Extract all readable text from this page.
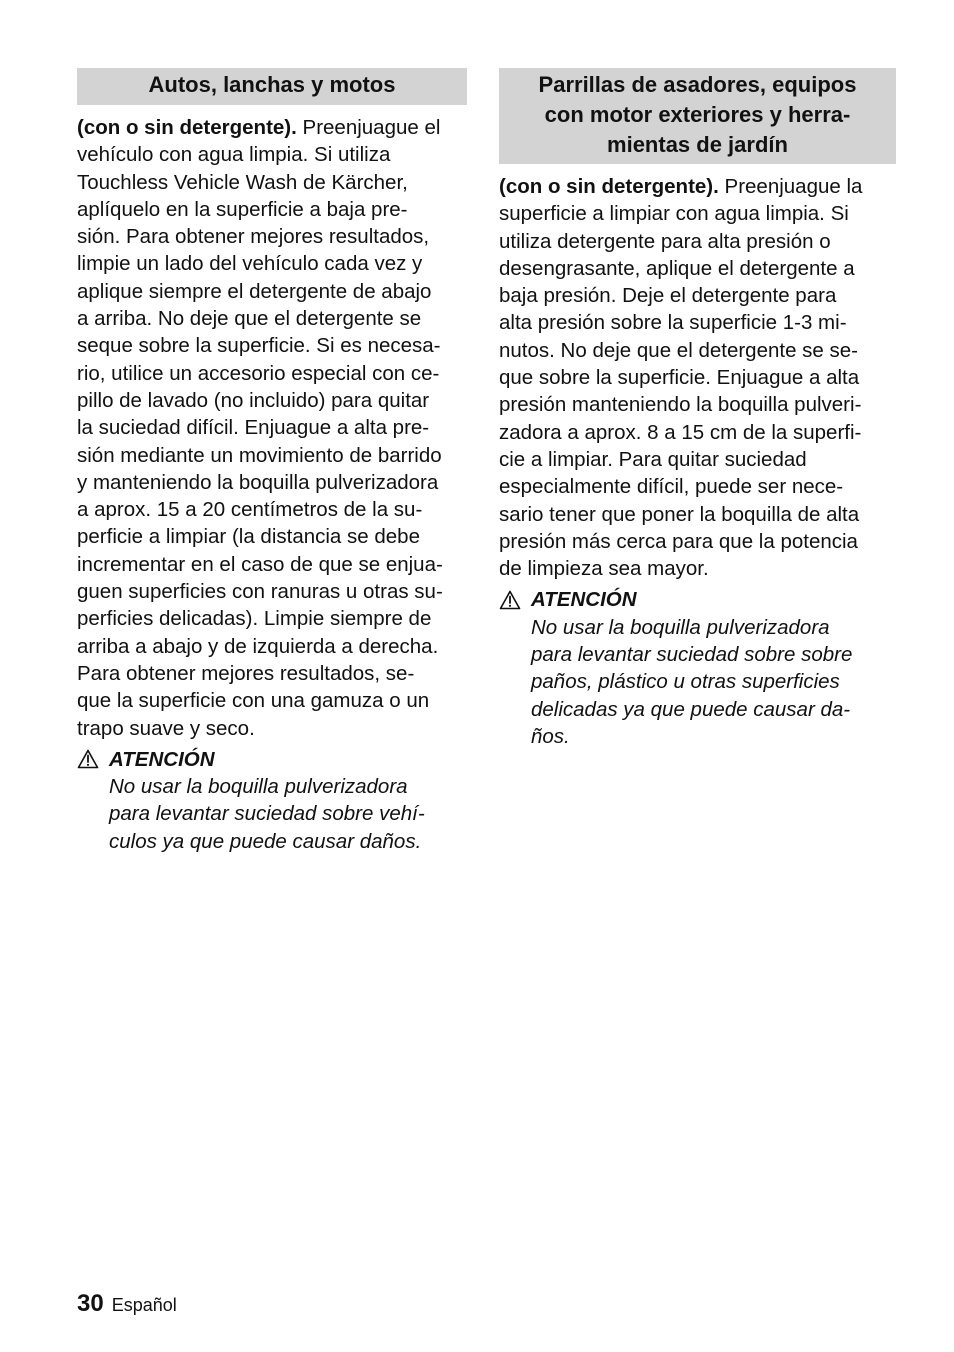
Autos, lanchas y motos
(con o sin detergente). Preenjuague el
vehículo con agua limpia. Si utiliza
Touchless Vehicle Wash de Kärcher,
aplíquelo en la superficie a baja pre-
sión. Para obtener mejores resultados,
limpie un lado del vehículo cada vez y
aplique siempre el detergente de abajo
a arriba. No deje que el detergente se
seque sobre la superficie. Si es necesa-
rio, utilice un accesorio especial con ce-
pillo de lavado (no incluido) para quitar
la suciedad difícil. Enjuague a alta pre-
sión mediante un movimiento de barrido
y manteniendo la boquilla pulverizadora
a aprox. 15 a 20 centímetros de la su-
perficie a limpiar (la distancia se debe
incrementar en el caso de que se enjua-
guen superficies con ranuras u otras su-
perficies delicadas). Limpie siempre de
arriba a abajo y de izquierda a derecha.
Para obtener mejores resultados, se-
que la superficie con una gamuza o un
trapo suave y seco.
ATENCIÓN
No usar la boquilla pulverizadora
para levantar suciedad sobre vehí-
culos ya que puede causar daños.
Parrillas de asadores, equipos
con motor exteriores y herra-
mientas de jardín
(con o sin detergente). Preenjuague la
superficie a limpiar con agua limpia. Si
utiliza detergente para alta presión o
desengrasante, aplique el detergente a
baja presión. Deje el detergente para
alta presión sobre la superficie 1-3 mi-
nutos. No deje que el detergente se se-
que sobre la superficie. Enjuague a alta
presión manteniendo la boquilla pulveri-
zadora a aprox. 8 a 15 cm de la superfi-
cie a limpiar. Para quitar suciedad
especialmente difícil, puede ser nece-
sario tener que poner la boquilla de alta
presión más cerca para que la potencia
de limpieza sea mayor.
ATENCIÓN
No usar la boquilla pulverizadora
para levantar suciedad sobre sobre
paños, plástico u otras superficies
delicadas ya que puede causar da-
ños.
30 Español
